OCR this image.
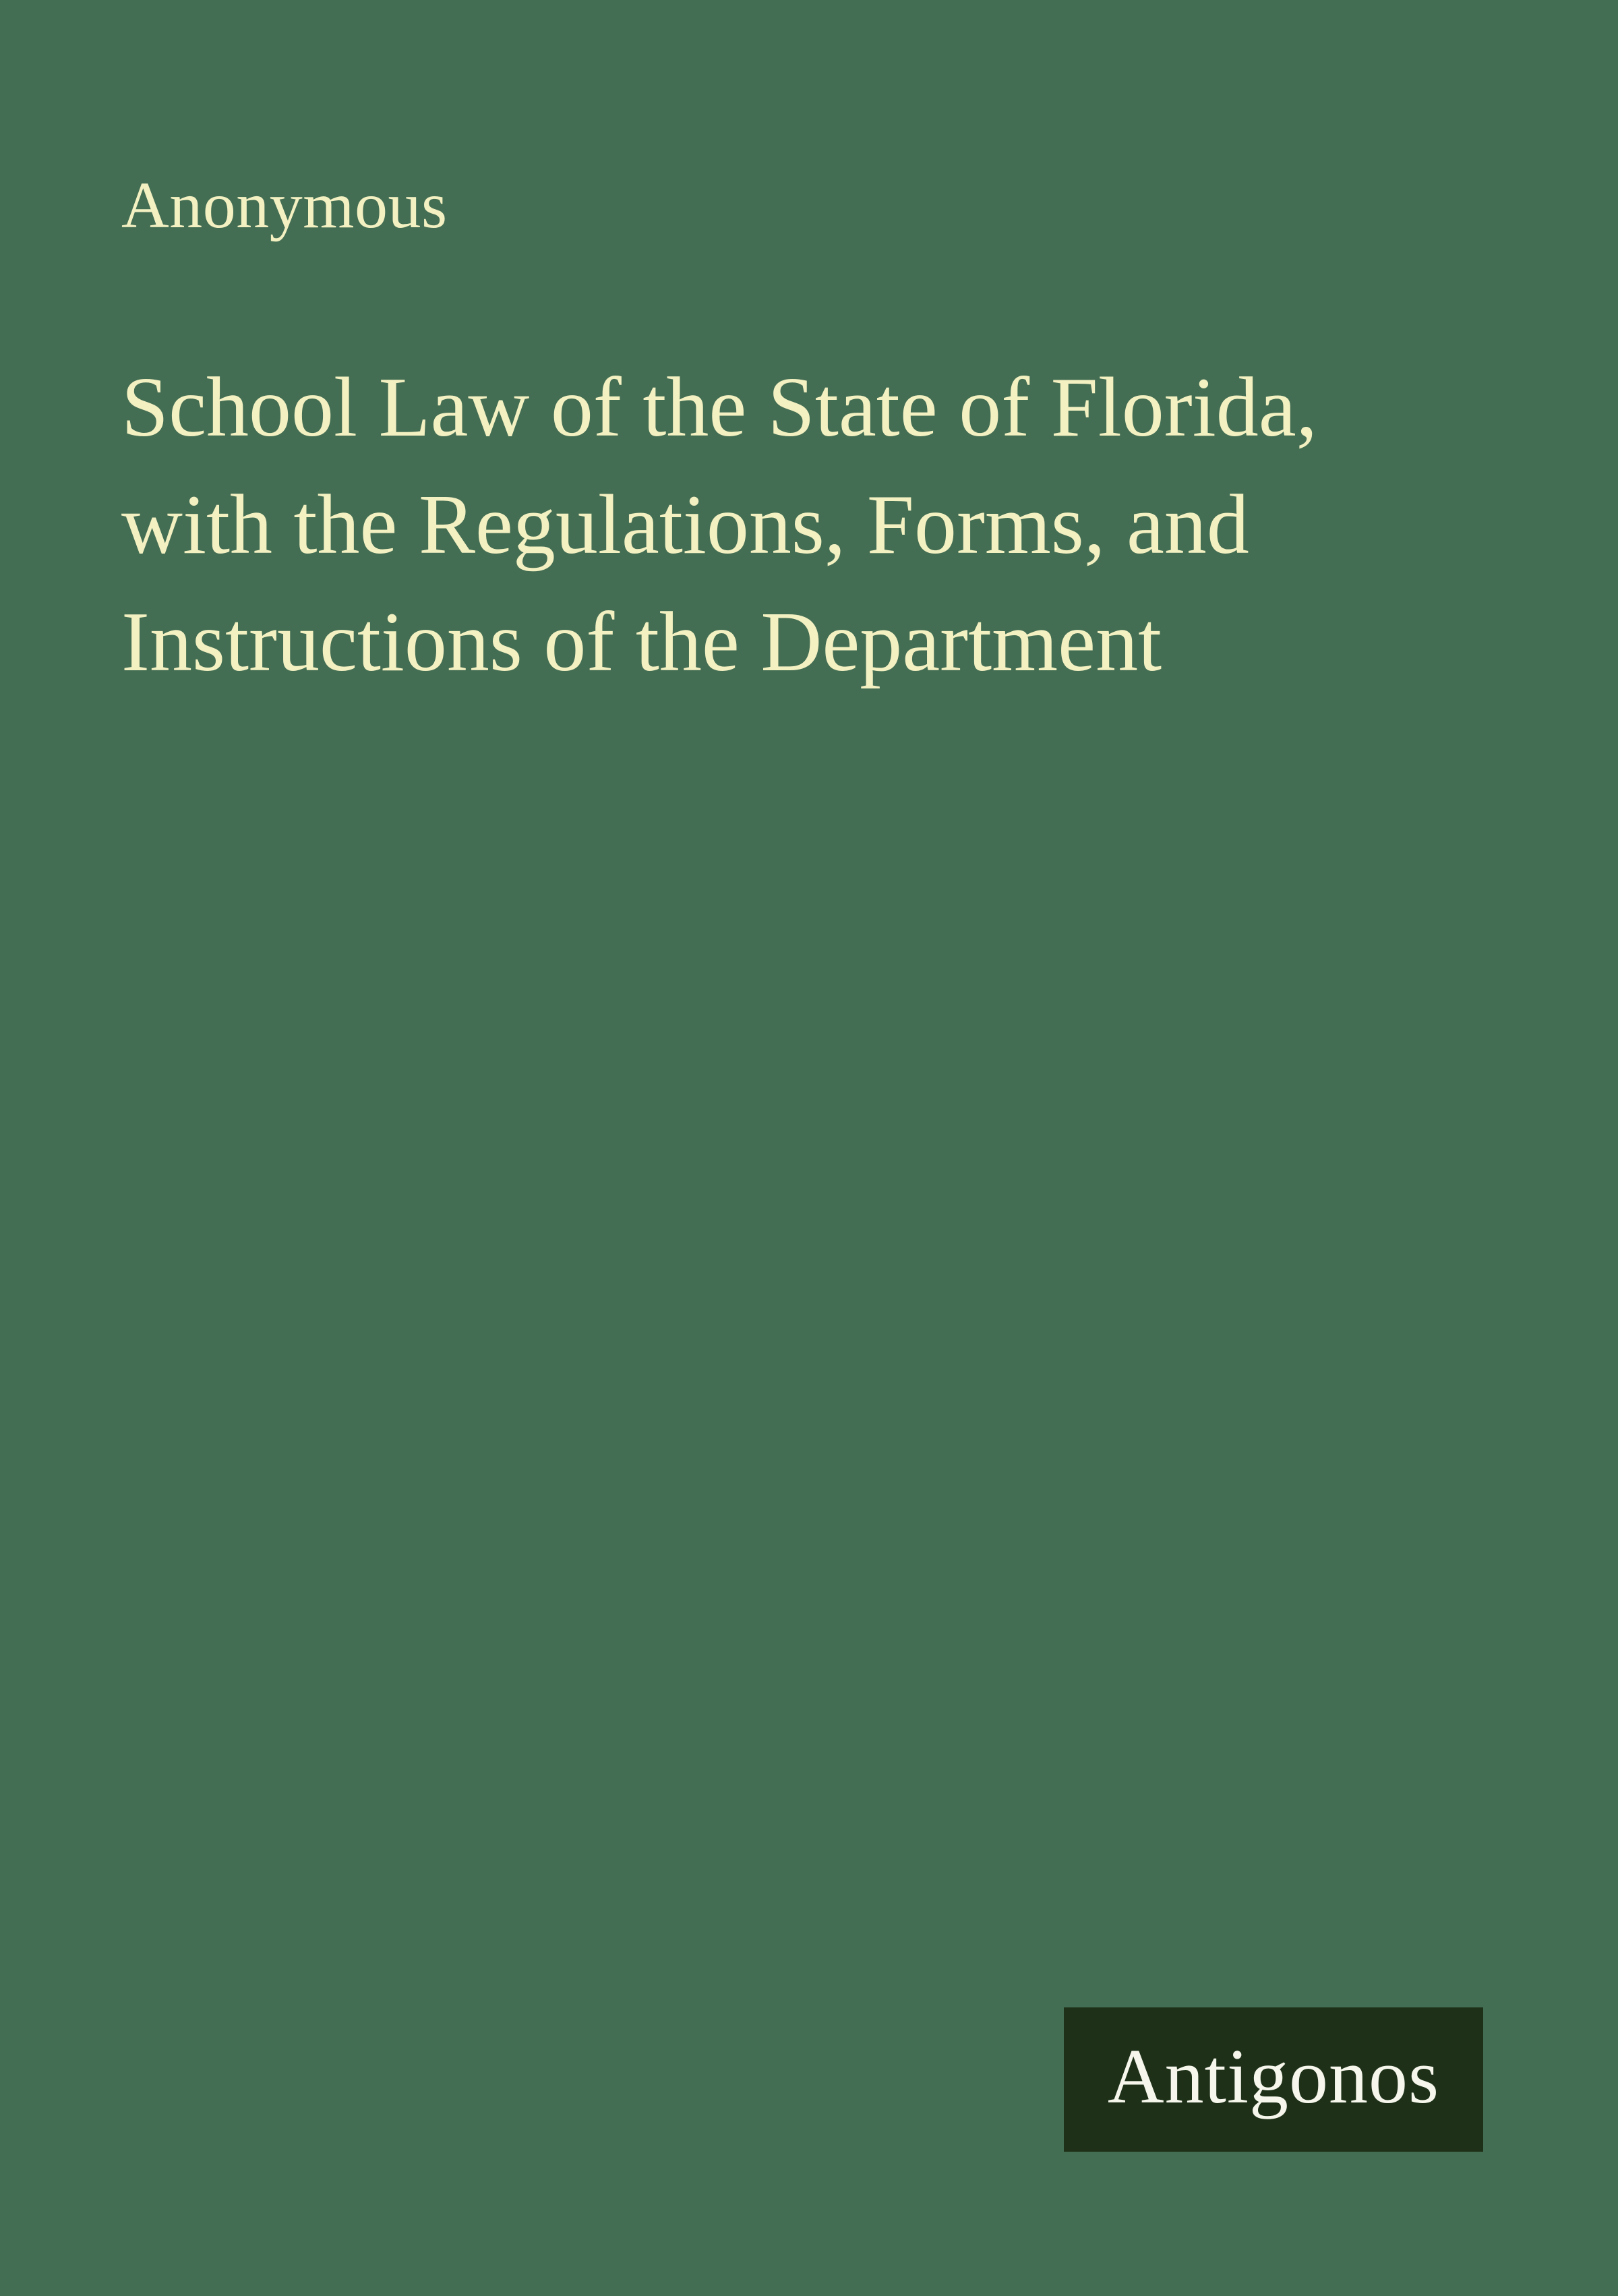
Anonymous
School Law of the State of Florida,
with the Regulations, Forms, and
Instructions of the Department
Antigonos
